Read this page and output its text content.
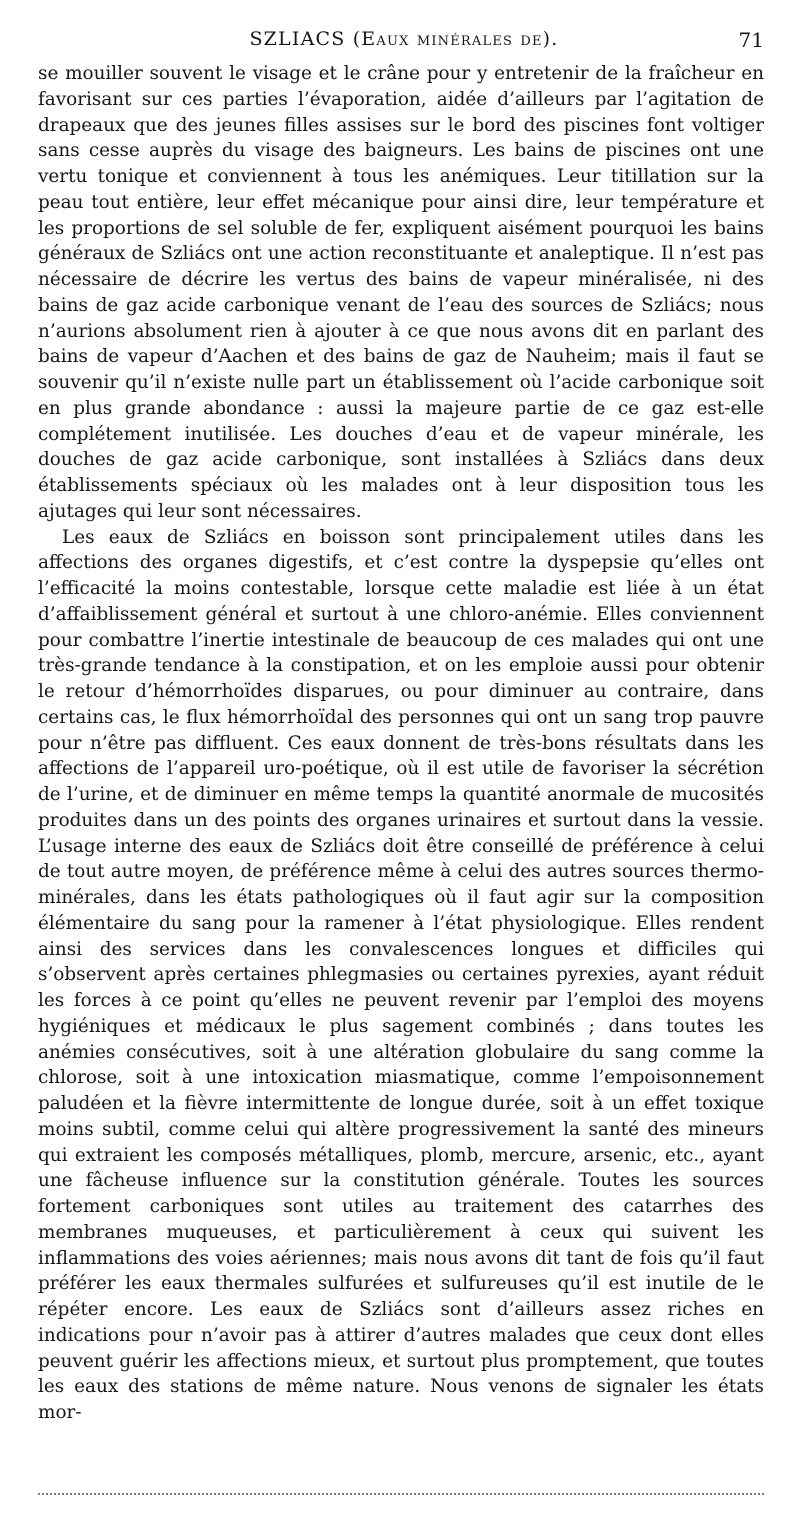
SZLIACS (Eaux minérales de).	71

se mouiller souvent le visage et le crâne pour y entretenir de la fraîcheur en favorisant sur ces parties l’évaporation, aidée d’ailleurs par l’agitation de drapeaux que des jeunes filles assises sur le bord des piscines font voltiger sans cesse auprès du visage des baigneurs. Les bains de piscines ont une vertu tonique et conviennent à tous les anémiques. Leur titillation sur la peau tout entière, leur effet mécanique pour ainsi dire, leur température et les proportions de sel soluble de fer, expliquent aisément pourquoi les bains généraux de Szliács ont une action reconstituante et analeptique. Il n’est pas nécessaire de décrire les vertus des bains de vapeur minéralisée, ni des bains de gaz acide carbonique venant de l’eau des sources de Szliács; nous n’aurions absolument rien à ajouter à ce que nous avons dit en parlant des bains de vapeur d’Aachen et des bains de gaz de Nauheim; mais il faut se souvenir qu’il n’existe nulle part un établissement où l’acide carbonique soit en plus grande abondance : aussi la majeure partie de ce gaz est-elle complétement inutilisée. Les douches d’eau et de vapeur minérale, les douches de gaz acide carbonique, sont installées à Szliács dans deux établissements spéciaux où les malades ont à leur disposition tous les ajutages qui leur sont nécessaires.

Les eaux de Szliács en boisson sont principalement utiles dans les affections des organes digestifs, et c’est contre la dyspepsie qu’elles ont l’efficacité la moins contestable, lorsque cette maladie est liée à un état d’affaiblissement général et surtout à une chloro-anémie. Elles conviennent pour combattre l’inertie intestinale de beaucoup de ces malades qui ont une très-grande tendance à la constipation, et on les emploie aussi pour obtenir le retour d’hémorrhoïdes disparues, ou pour diminuer au contraire, dans certains cas, le flux hémorrhoïdal des personnes qui ont un sang trop pauvre pour n’être pas diffluent. Ces eaux donnent de très-bons résultats dans les affections de l’appareil uro-poétique, où il est utile de favoriser la sécrétion de l’urine, et de diminuer en même temps la quantité anormale de mucosités produites dans un des points des organes urinaires et surtout dans la vessie. L’usage interne des eaux de Szliács doit être conseillé de préférence à celui de tout autre moyen, de préférence même à celui des autres sources thermo-minérales, dans les états pathologiques où il faut agir sur la composition élémentaire du sang pour la ramener à l’état physiologique. Elles rendent ainsi des services dans les convalescences longues et difficiles qui s’observent après certaines phlegmasies ou certaines pyrexies, ayant réduit les forces à ce point qu’elles ne peuvent revenir par l’emploi des moyens hygiéniques et médicaux le plus sagement combinés ; dans toutes les anémies consécutives, soit à une altération globulaire du sang comme la chlorose, soit à une intoxication miasmatique, comme l’empoisonnement paludéen et la fièvre intermittente de longue durée, soit à un effet toxique moins subtil, comme celui qui altère progressivement la santé des mineurs qui extraient les composés métalliques, plomb, mercure, arsenic, etc., ayant une fâcheuse influence sur la constitution générale. Toutes les sources fortement carboniques sont utiles au traitement des catarrhes des membranes muqueuses, et particulièrement à ceux qui suivent les inflammations des voies aériennes; mais nous avons dit tant de fois qu’il faut préférer les eaux thermales sulfurées et sulfureuses qu’il est inutile de le répéter encore. Les eaux de Szliács sont d’ailleurs assez riches en indications pour n’avoir pas à attirer d’autres malades que ceux dont elles peuvent guérir les affections mieux, et surtout plus promptement, que toutes les eaux des stations de même nature. Nous venons de signaler les états mor-
